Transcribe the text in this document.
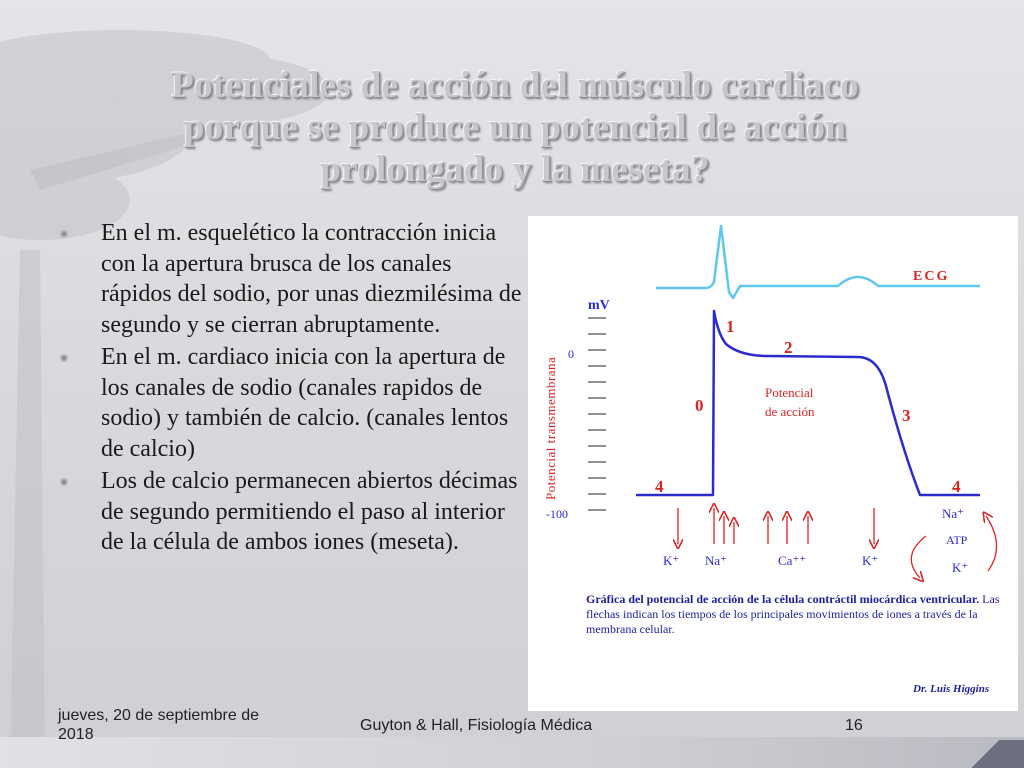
Potenciales de acción del músculo cardiaco
porque se produce un potencial de acción
prolongado y la meseta?
En el m. esquelético la contracción inicia con la apertura brusca de los canales rápidos del sodio, por unas diezmilésima de segundo y se cierran abruptamente.
En el m. cardiaco inicia con la apertura de los canales de sodio (canales rapidos de sodio) y también de calcio. (canales lentos de calcio)
Los de calcio permanecen abiertos décimas de segundo permitiendo el paso al interior de la célula de ambos iones (meseta).
ECG
mV
Potencial transmembrana
0
-100
0
1
2
3
4	4
Potencial
de acción
K⁺ Na⁺	Ca⁺⁺	K⁺
Na⁺
ATP
K⁺
Gráfica del potencial de acción de la célula contráctil miocárdica ventricular. Las flechas indican los tiempos de los principales movimientos de iones a través de la membrana celular.
Dr. Luis Higgins
jueves, 20 de septiembre de 2018
Guyton & Hall, Fisiología Médica	16
